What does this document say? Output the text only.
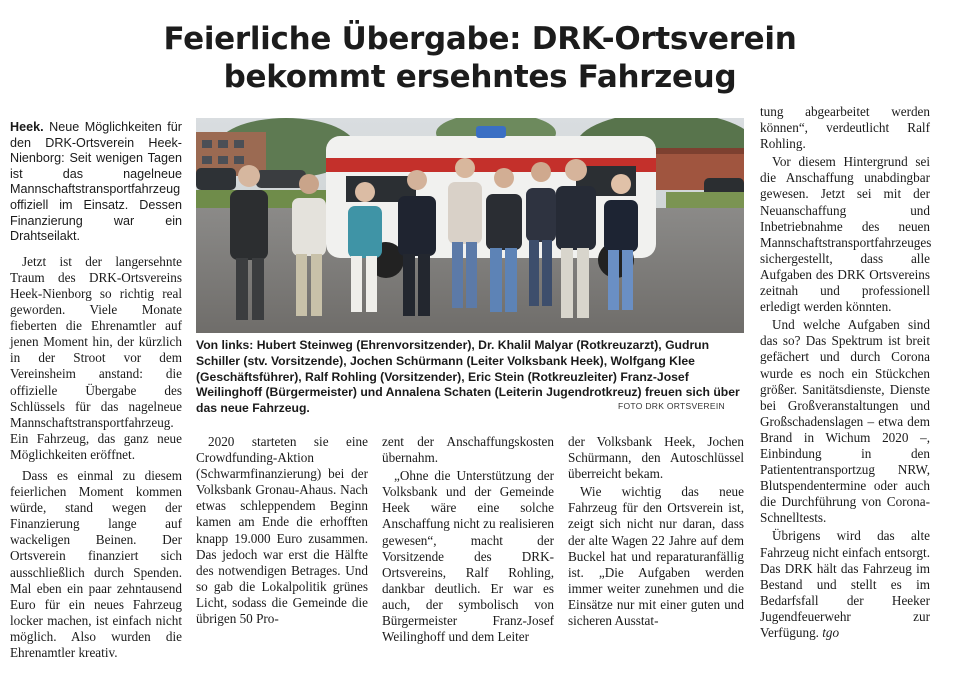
Feierliche Übergabe: DRK-Ortsverein
bekommt ersehntes Fahrzeug

Heek. Neue Möglichkeiten für den DRK-Ortsverein Heek-Nienborg: Seit wenigen Tagen ist das nagelneue Mannschaftstransportfahrzeug offiziell im Einsatz. Dessen Finanzierung war ein Drahtseilakt.

Jetzt ist der langersehnte Traum des DRK-Ortsvereins Heek-Nienborg so richtig real geworden. Viele Monate fieberten die Ehrenamtler auf jenen Moment hin, der kürzlich in der Stroot vor dem Vereinsheim anstand: die offizielle Übergabe des Schlüssels für das nagelneue Mannschaftstransportfahrzeug. Ein Fahrzeug, das ganz neue Möglichkeiten eröffnet.

Dass es einmal zu diesem feierlichen Moment kommen würde, stand wegen der Finanzierung lange auf wackeligen Beinen. Der Ortsverein finanziert sich ausschließlich durch Spenden. Mal eben ein paar zehntausend Euro für ein neues Fahrzeug locker machen, ist einfach nicht möglich. Also wurden die Ehrenamtler kreativ.

Von links: Hubert Steinweg (Ehrenvorsitzender), Dr. Khalil Malyar (Rotkreuzarzt), Gudrun Schiller (stv. Vorsitzende), Jochen Schürmann (Leiter Volksbank Heek), Wolfgang Klee (Geschäftsführer), Ralf Rohling (Vorsitzender), Eric Stein (Rotkreuzleiter) Franz-Josef Weilinghoff (Bürgermeister) und Annalena Schaten (Leiterin Jugendrotkreuz) freuen sich über das neue Fahrzeug.	FOTO DRK ORTSVEREIN

2020 starteten sie eine Crowdfunding-Aktion (Schwarmfinanzierung) bei der Volksbank Gronau-Ahaus. Nach etwas schleppendem Beginn kamen am Ende die erhofften knapp 19.000 Euro zusammen. Das jedoch war erst die Hälfte des notwendigen Betrages. Und so gab die Lokalpolitik grünes Licht, sodass die Gemeinde die übrigen 50 Pro-

zent der Anschaffungskosten übernahm.

„Ohne die Unterstützung der Volksbank und der Gemeinde Heek wäre eine solche Anschaffung nicht zu realisieren gewesen“, macht der Vorsitzende des DRK-Ortsvereins, Ralf Rohling, dankbar deutlich. Er war es auch, der symbolisch von Bürgermeister Franz-Josef Weilinghoff und dem Leiter

der Volksbank Heek, Jochen Schürmann, den Autoschlüssel überreicht bekam.

Wie wichtig das neue Fahrzeug für den Ortsverein ist, zeigt sich nicht nur daran, dass der alte Wagen 22 Jahre auf dem Buckel hat und reparaturanfällig ist. „Die Aufgaben werden immer weiter zunehmen und die Einsätze nur mit einer guten und sicheren Ausstat-

tung abgearbeitet werden können“, verdeutlicht Ralf Rohling.

Vor diesem Hintergrund sei die Anschaffung unabdingbar gewesen. Jetzt sei mit der Neuanschaffung und Inbetriebnahme des neuen Mannschaftstransportfahrzeuges sichergestellt, dass alle Aufgaben des DRK Ortsvereins zeitnah und professionell erledigt werden könnten.

Und welche Aufgaben sind das so? Das Spektrum ist breit gefächert und durch Corona wurde es noch ein Stückchen größer. Sanitätsdienste, Dienste bei Großveranstaltungen und Großschadenslagen – etwa dem Brand in Wichum 2020 –, Einbindung in den Patiententransportzug NRW, Blutspendentermine oder auch die Durchführung von Corona-Schnelltests.

Übrigens wird das alte Fahrzeug nicht einfach entsorgt. Das DRK hält das Fahrzeug im Bestand und stellt es im Bedarfsfall der Heeker Jugendfeuerwehr zur Verfügung. tgo
